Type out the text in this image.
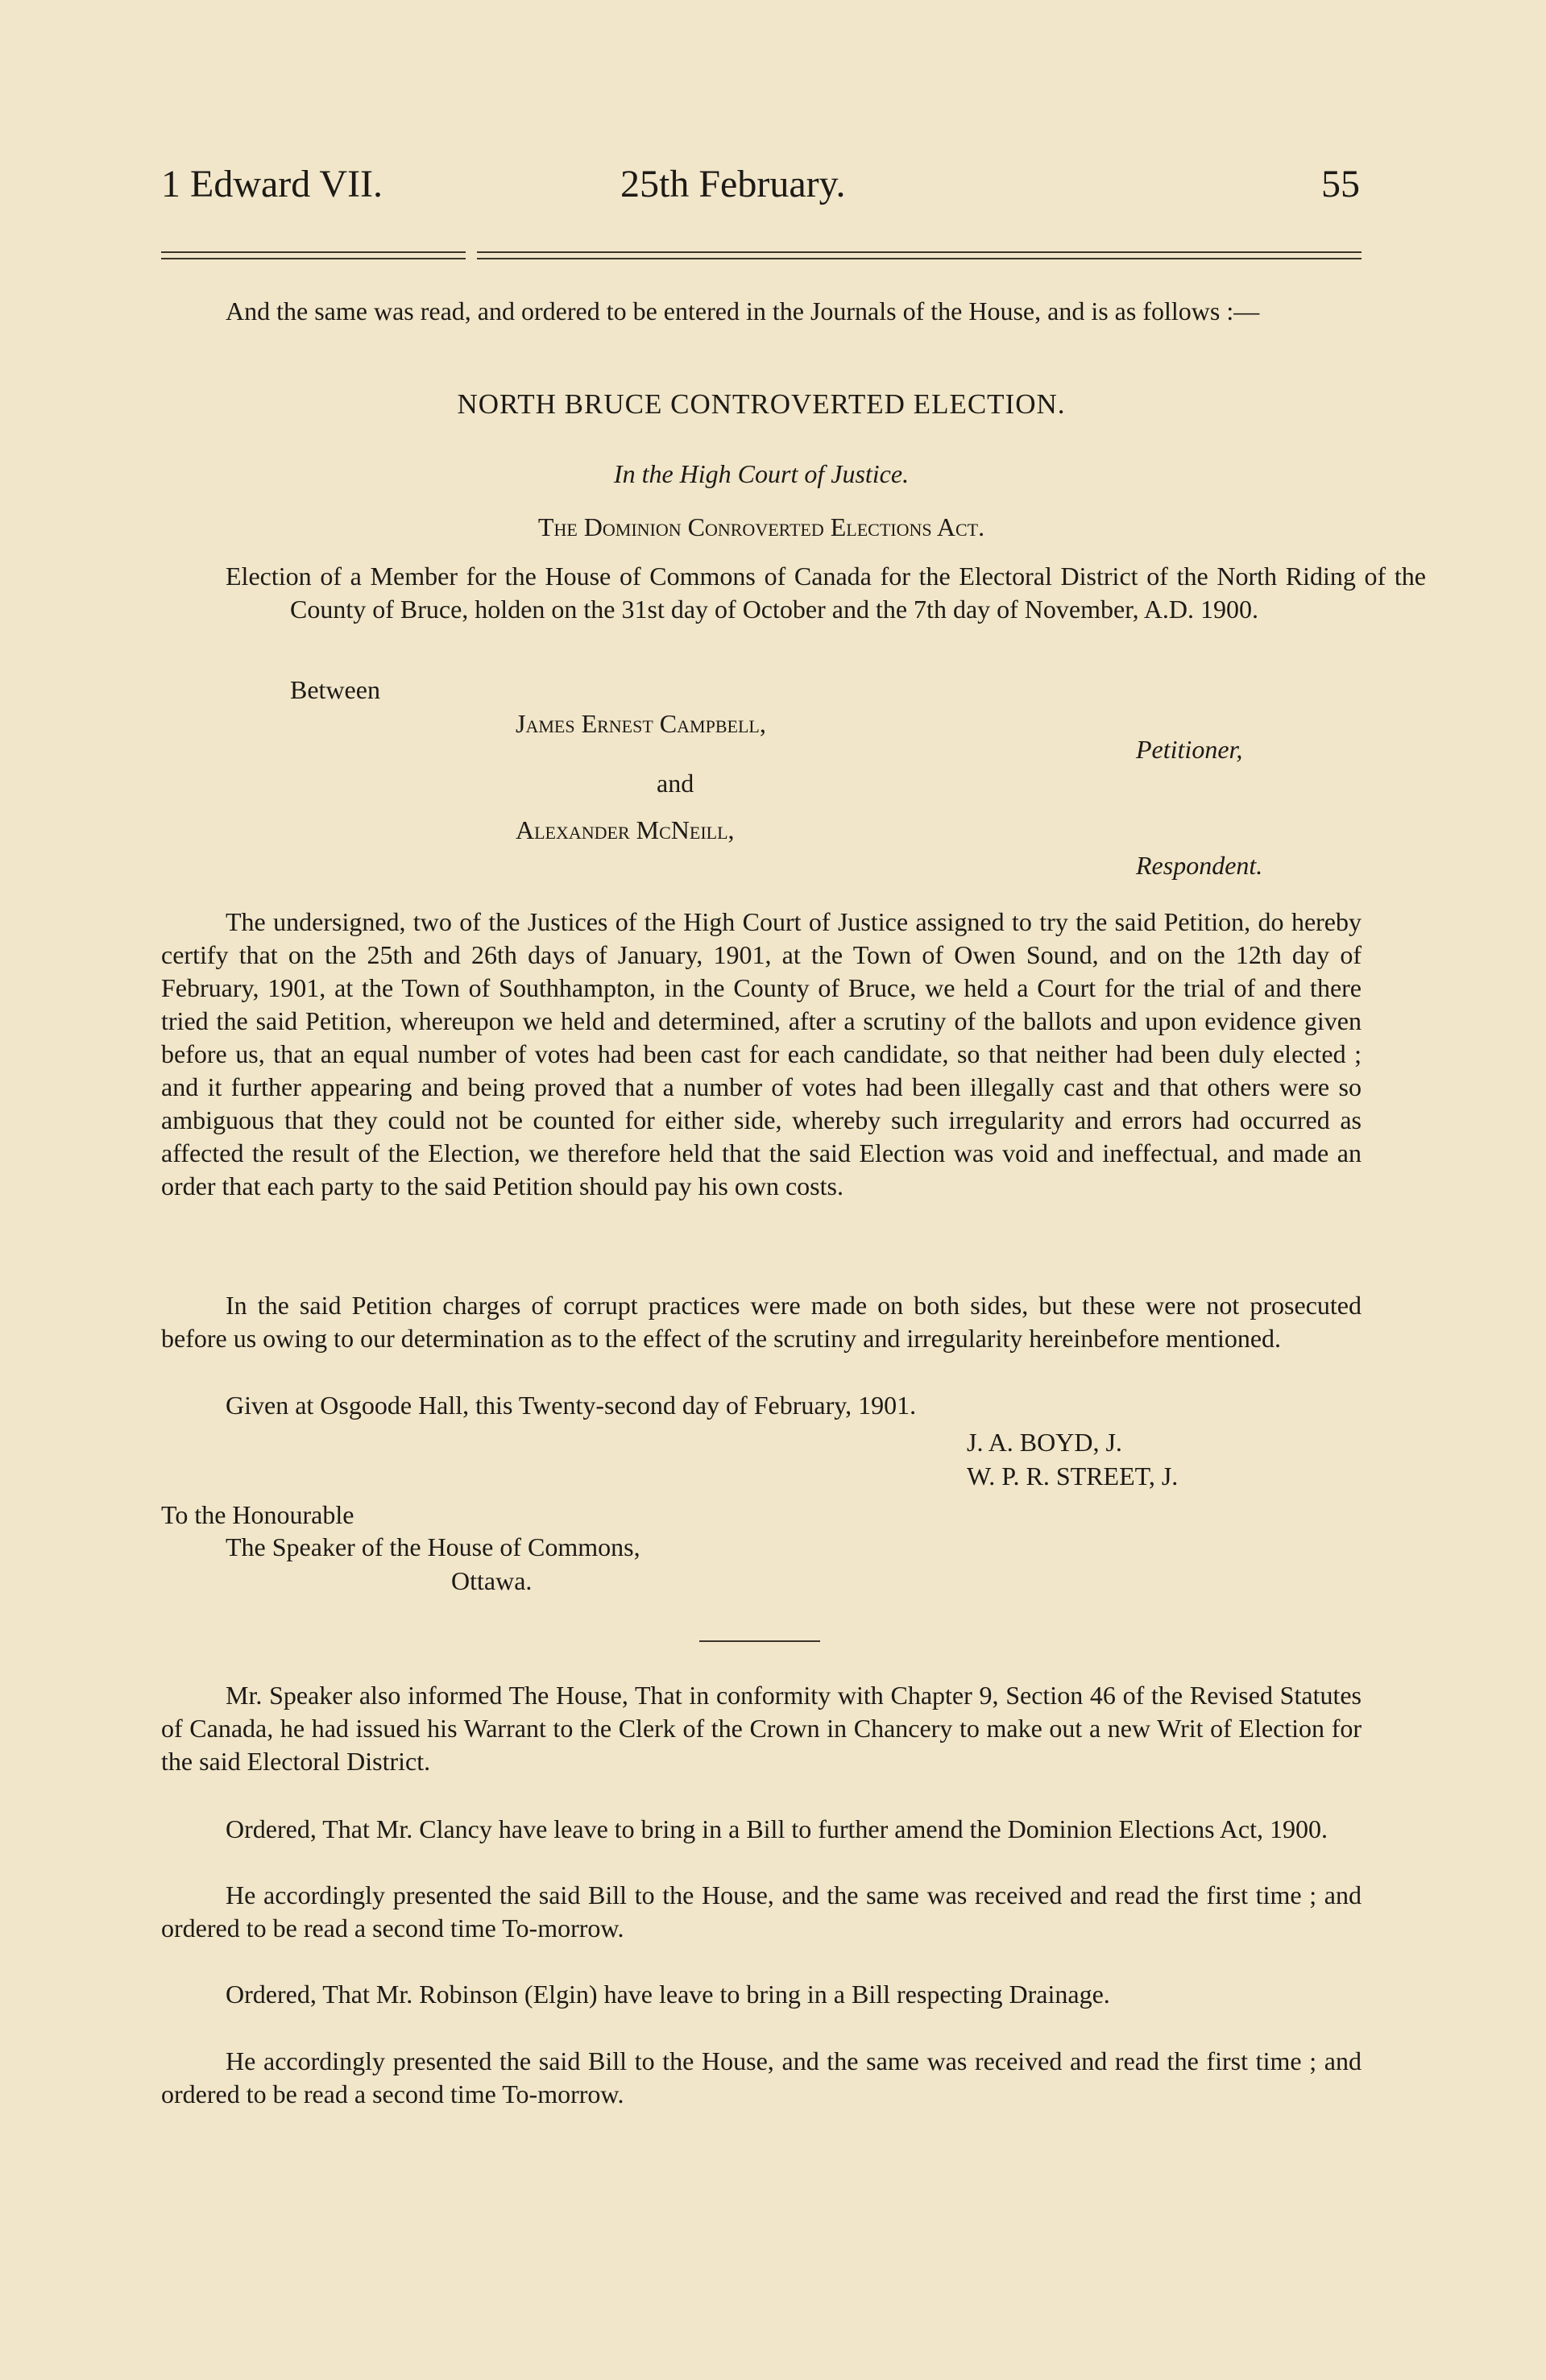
1 Edward VII.	25th February.	55

And the same was read, and ordered to be entered in the Journals of the House, and is as follows :—

NORTH BRUCE CONTROVERTED ELECTION.

In the High Court of Justice.

The Dominion Conroverted Elections Act.

Election of a Member for the House of Commons of Canada for the Electoral District of the North Riding of the County of Bruce, holden on the 31st day of October and the 7th day of November, A.D. 1900.

Between

James Ernest Campbell,

Petitioner,

and

Alexander McNeill,

Respondent.

The undersigned, two of the Justices of the High Court of Justice assigned to try the said Petition, do hereby certify that on the 25th and 26th days of January, 1901, at the Town of Owen Sound, and on the 12th day of February, 1901, at the Town of Southhampton, in the County of Bruce, we held a Court for the trial of and there tried the said Petition, whereupon we held and determined, after a scrutiny of the ballots and upon evidence given before us, that an equal number of votes had been cast for each candidate, so that neither had been duly elected ; and it further appearing and being proved that a number of votes had been illegally cast and that others were so ambiguous that they could not be counted for either side, whereby such irregularity and errors had occurred as affected the result of the Election, we therefore held that the said Election was void and ineffectual, and made an order that each party to the said Petition should pay his own costs.

In the said Petition charges of corrupt practices were made on both sides, but these were not prosecuted before us owing to our determination as to the effect of the scrutiny and irregularity hereinbefore mentioned.

Given at Osgoode Hall, this Twenty-second day of February, 1901.

J. A. BOYD, J.

W. P. R. STREET, J.

To the Honourable

The Speaker of the House of Commons,

Ottawa.

Mr. Speaker also informed The House, That in conformity with Chapter 9, Section 46 of the Revised Statutes of Canada, he had issued his Warrant to the Clerk of the Crown in Chancery to make out a new Writ of Election for the said Electoral District.

Ordered, That Mr. Clancy have leave to bring in a Bill to further amend the Dominion Elections Act, 1900.

He accordingly presented the said Bill to the House, and the same was received and read the first time ; and ordered to be read a second time To-morrow.

Ordered, That Mr. Robinson (Elgin) have leave to bring in a Bill respecting Drainage.

He accordingly presented the said Bill to the House, and the same was received and read the first time ; and ordered to be read a second time To-morrow.
